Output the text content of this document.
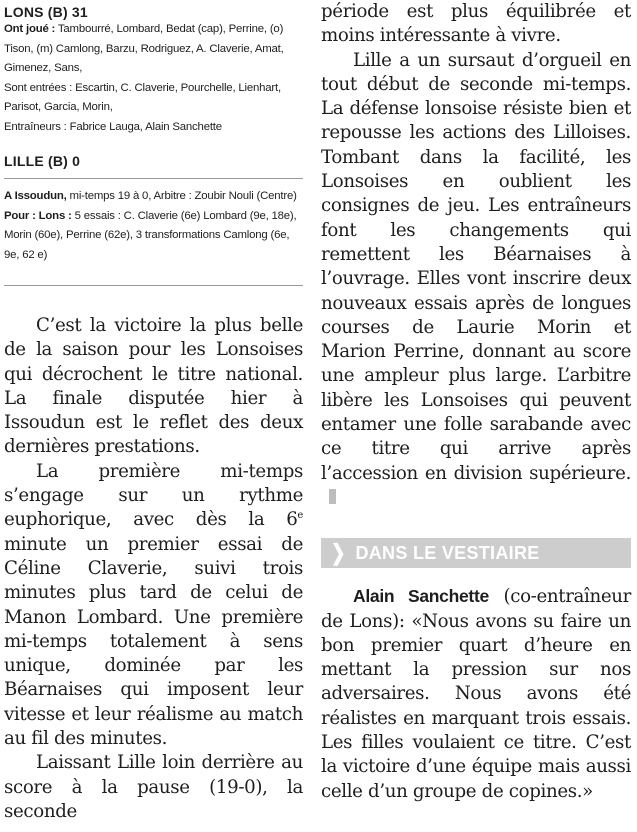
LONS (B) 31

Ont joué : Tambourré, Lombard, Bedat (cap), Perrine, (o) Tison, (m) Camlong, Barzu, Rodriguez, A. Claverie, Amat, Gimenez, Sans,

Sont entrées : Escartin, C. Claverie, Pourchelle, Lienhart, Parisot, Garcia, Morin,

Entraîneurs : Fabrice Lauga, Alain Sanchette

LILLE (B) 0

A Issoudun, mi-temps 19 à 0, Arbitre : Zoubir Nouli (Centre)

Pour : Lons : 5 essais : C. Claverie (6e) Lombard (9e, 18e), Morin (60e), Perrine (62e), 3 transformations Camlong (6e, 9e, 62 e)

C’est la victoire la plus belle de la saison pour les Lonsoises qui décrochent le titre national. La finale disputée hier à Issoudun est le reflet des deux dernières prestations.

La première mi-temps s’engage sur un rythme euphorique, avec dès la 6e minute un premier essai de Céline Claverie, suivi trois minutes plus tard de celui de Manon Lombard. Une première mi-temps totalement à sens unique, dominée par les Béarnaises qui imposent leur vitesse et leur réalisme au match au fil des minutes.

Laissant Lille loin derrière au score à la pause (19-0), la seconde

période est plus équilibrée et moins intéressante à vivre.

Lille a un sursaut d’orgueil en tout début de seconde mi-temps. La défense lonsoise résiste bien et repousse les actions des Lilloises. Tombant dans la facilité, les Lonsoises en oublient les consignes de jeu. Les entraîneurs font les changements qui remettent les Béarnaises à l’ouvrage. Elles vont inscrire deux nouveaux essais après de longues courses de Laurie Morin et Marion Perrine, donnant au score une ampleur plus large. L’arbitre libère les Lonsoises qui peuvent entamer une folle sarabande avec ce titre qui arrive après l’accession en division supérieure.

❯ DANS LE VESTIAIRE

Alain Sanchette (co-entraîneur de Lons): «Nous avons su faire un bon premier quart d’heure en mettant la pression sur nos adversaires. Nous avons été réalistes en marquant trois essais. Les filles voulaient ce titre. C’est la victoire d’une équipe mais aussi celle d’un groupe de copines.»
